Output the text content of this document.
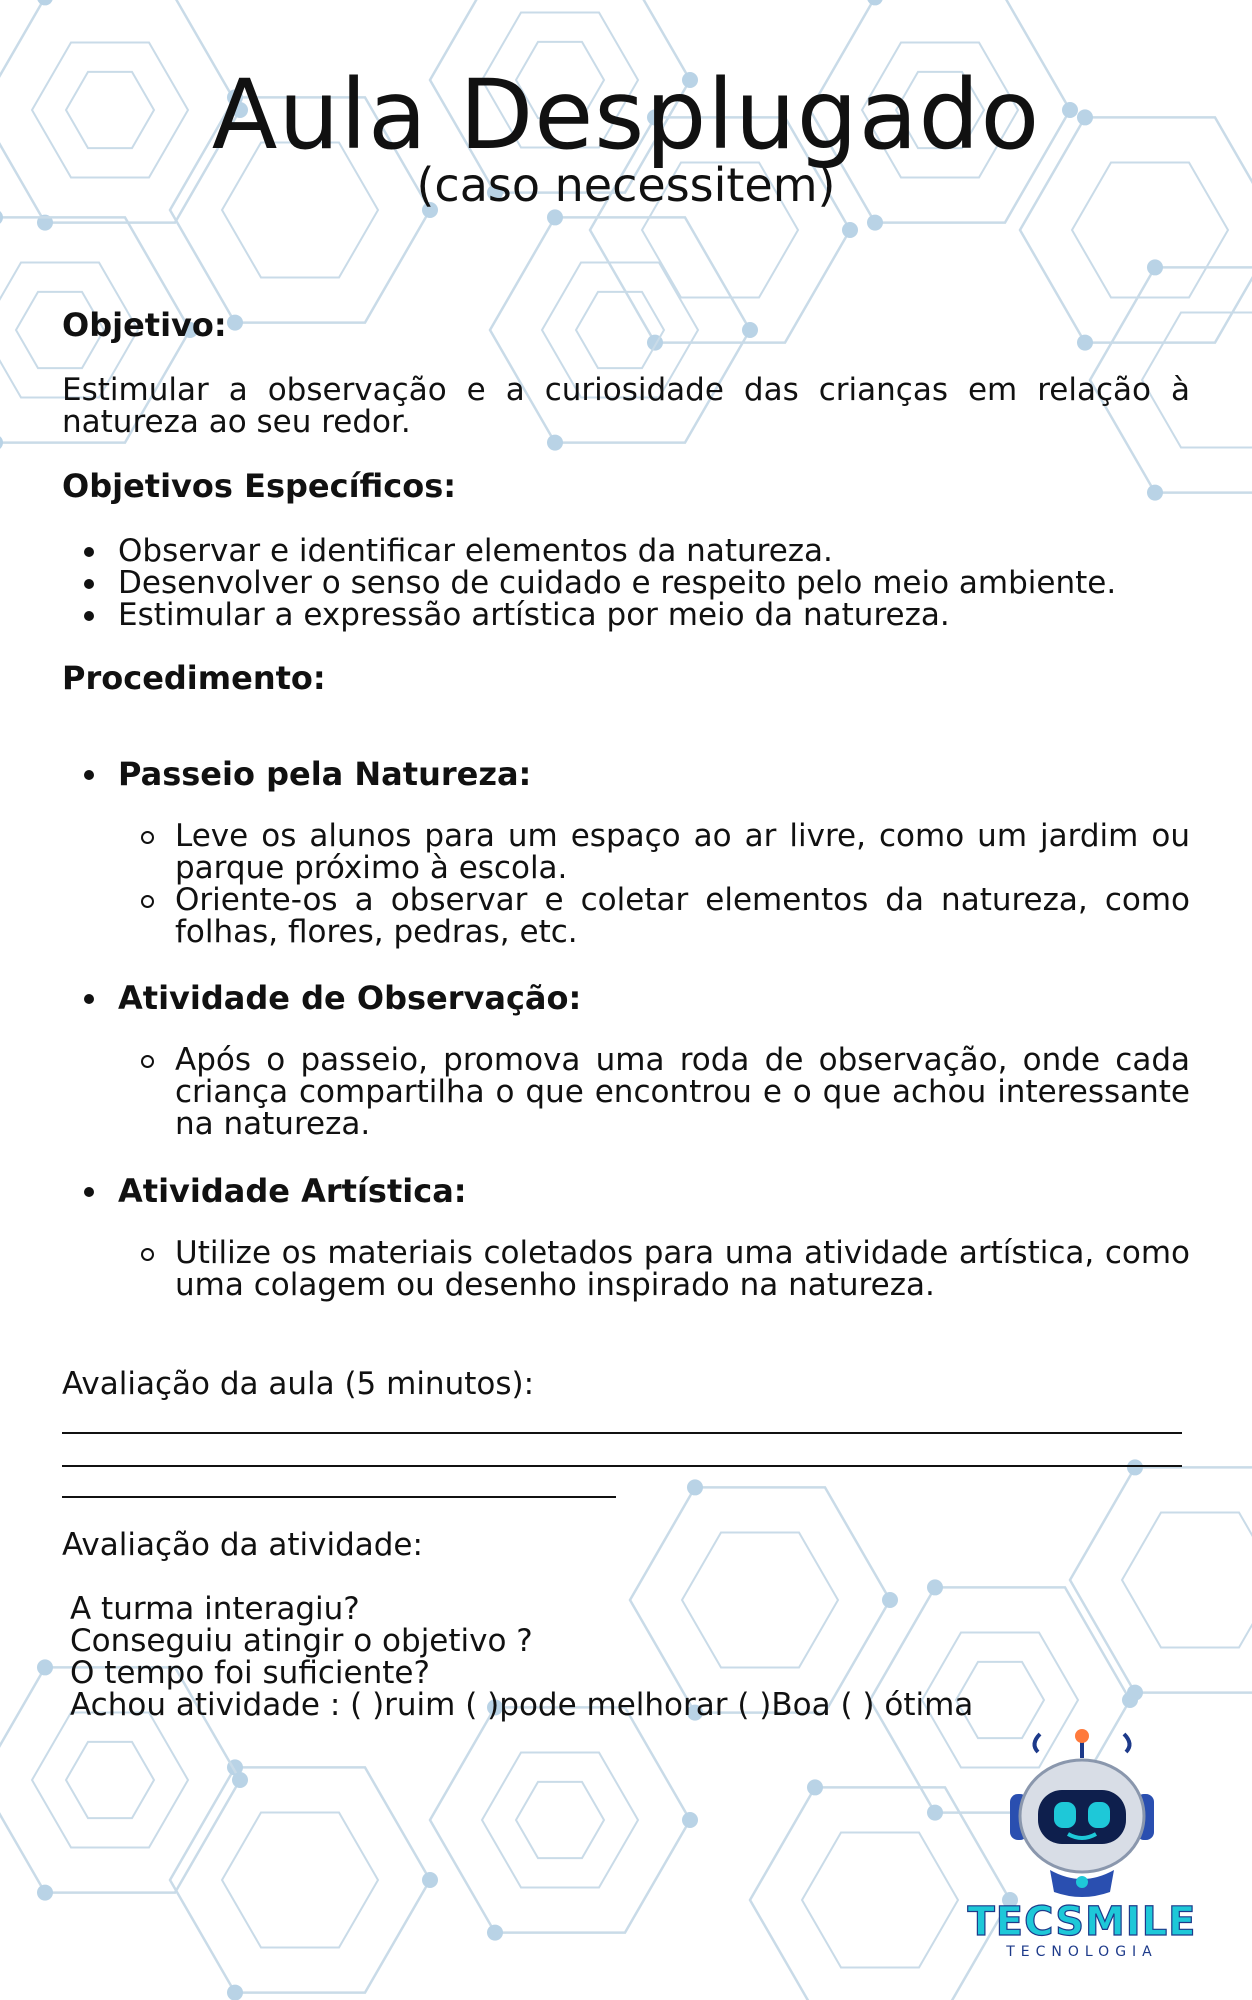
Aula Desplugado
(caso necessitem)
Objetivo:
Estimular a observação e a curiosidade das crianças em relação à natureza ao seu redor.
Objetivos Específicos:
Observar e identificar elementos da natureza.
Desenvolver o senso de cuidado e respeito pelo meio ambiente.
Estimular a expressão artística por meio da natureza.
Procedimento:
Passeio pela Natureza:
Leve os alunos para um espaço ao ar livre, como um jardim ou parque próximo à escola.
Oriente-os a observar e coletar elementos da natureza, como folhas, flores, pedras, etc.
Atividade de Observação:
Após o passeio, promova uma roda de observação, onde cada criança compartilha o que encontrou e o que achou interessante na natureza.
Atividade Artística:
Utilize os materiais coletados para uma atividade artística, como uma colagem ou desenho inspirado na natureza.
Avaliação da aula (5 minutos):
Avaliação da atividade:
A turma interagiu?
Conseguiu atingir o objetivo ?
O tempo foi suficiente?
Achou atividade : ( )ruim ( )pode melhorar ( )Boa ( ) ótima
TECSMILE
TECNOLOGIA
